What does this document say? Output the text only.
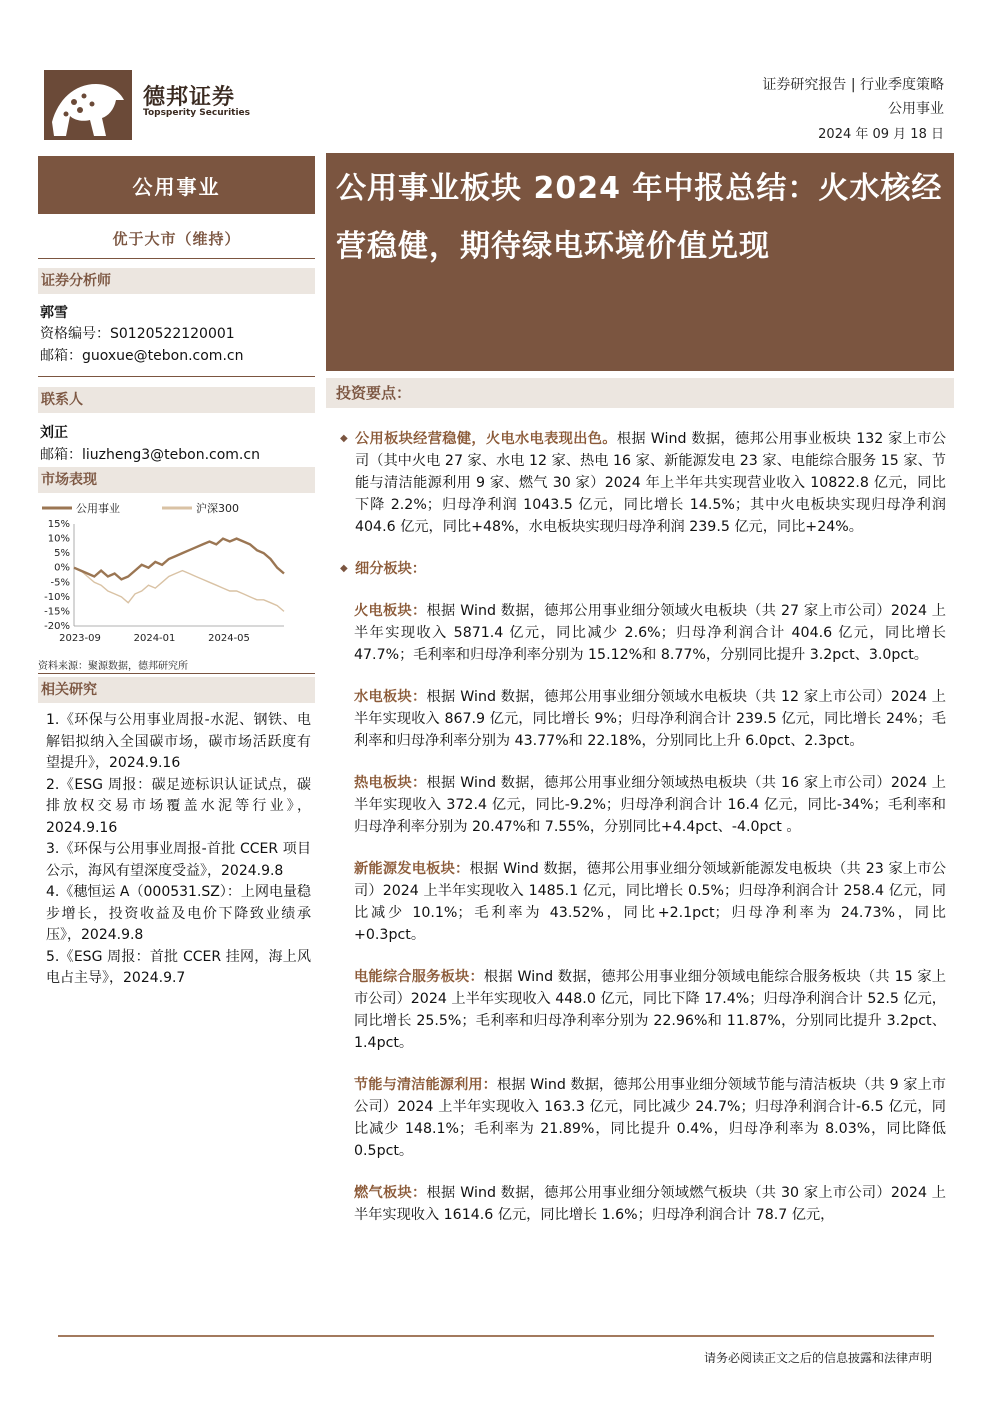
德邦证券
Topsperity Securities
证券研究报告 | 行业季度策略
公用事业
2024 年 09 月 18 日
公用事业
优于大市（维持）
证券分析师
郭雪
资格编号：S0120522120001
邮箱：guoxue@tebon.com.cn
联系人
刘正
邮箱：liuzheng3@tebon.com.cn
市场表现
公用事业	沪深300
15%
10%
5%
0%
-5%
-10%
-15%
-20%
2023-09	2024-01	2024-05
资料来源：聚源数据，德邦研究所
相关研究

1.《环保与公用事业周报-水泥、钢铁、电解铝拟纳入全国碳市场，碳市场活跃度有望提升》，2024.9.16

2.《ESG 周报：碳足迹标识认证试点，碳排放权交易市场覆盖水泥等行业》，2024.9.16

3.《环保与公用事业周报-首批 CCER 项目公示，海风有望深度受益》，2024.9.8

4.《穗恒运 A（000531.SZ）：上网电量稳步增长，投资收益及电价下降致业绩承压》，2024.9.8

5.《ESG 周报：首批 CCER 挂网，海上风电占主导》，2024.9.7

公用事业板块 2024 年中报总结：火水核经营稳健，期待绿电环境价值兑现
投资要点：

◆ 公用板块经营稳健，火电水电表现出色。根据 Wind 数据，德邦公用事业板块 132 家上市公司（其中火电 27 家、水电 12 家、热电 16 家、新能源发电 23 家、电能综合服务 15 家、节能与清洁能源利用 9 家、燃气 30 家）2024 年上半年共实现营业收入 10822.8 亿元，同比下降 2.2%；归母净利润 1043.5 亿元，同比增长 14.5%；其中火电板块实现归母净利润 404.6 亿元，同比+48%，水电板块实现归母净利润 239.5 亿元，同比+24%。

◆ 细分板块：

火电板块：根据 Wind 数据，德邦公用事业细分领域火电板块（共 27 家上市公司）2024 上半年实现收入 5871.4 亿元，同比减少 2.6%；归母净利润合计 404.6 亿元，同比增长 47.7%；毛利率和归母净利率分别为 15.12%和 8.77%，分别同比提升 3.2pct、3.0pct。

水电板块：根据 Wind 数据，德邦公用事业细分领域水电板块（共 12 家上市公司）2024 上半年实现收入 867.9 亿元，同比增长 9%；归母净利润合计 239.5 亿元，同比增长 24%；毛利率和归母净利率分别为 43.77%和 22.18%，分别同比上升 6.0pct、2.3pct。

热电板块：根据 Wind 数据，德邦公用事业细分领域热电板块（共 16 家上市公司）2024 上半年实现收入 372.4 亿元，同比-9.2%；归母净利润合计 16.4 亿元，同比-34%；毛利率和归母净利率分别为 20.47%和 7.55%，分别同比+4.4pct、-4.0pct 。

新能源发电板块：根据 Wind 数据，德邦公用事业细分领域新能源发电板块（共 23 家上市公司）2024 上半年实现收入 1485.1 亿元，同比增长 0.5%；归母净利润合计 258.4 亿元，同比减少 10.1%；毛利率为 43.52%，同比+2.1pct；归母净利率为 24.73%，同比+0.3pct。

电能综合服务板块：根据 Wind 数据，德邦公用事业细分领域电能综合服务板块（共 15 家上市公司）2024 上半年实现收入 448.0 亿元，同比下降 17.4%；归母净利润合计 52.5 亿元，同比增长 25.5%；毛利率和归母净利率分别为 22.96%和 11.87%，分别同比提升 3.2pct、1.4pct。

节能与清洁能源利用：根据 Wind 数据，德邦公用事业细分领域节能与清洁板块（共 9 家上市公司）2024 上半年实现收入 163.3 亿元，同比减少 24.7%；归母净利润合计-6.5 亿元，同比减少 148.1%；毛利率为 21.89%，同比提升 0.4%，归母净利率为 8.03%，同比降低 0.5pct。

燃气板块：根据 Wind 数据，德邦公用事业细分领域燃气板块（共 30 家上市公司）2024 上半年实现收入 1614.6 亿元，同比增长 1.6%；归母净利润合计 78.7 亿元，

请务必阅读正文之后的信息披露和法律声明
